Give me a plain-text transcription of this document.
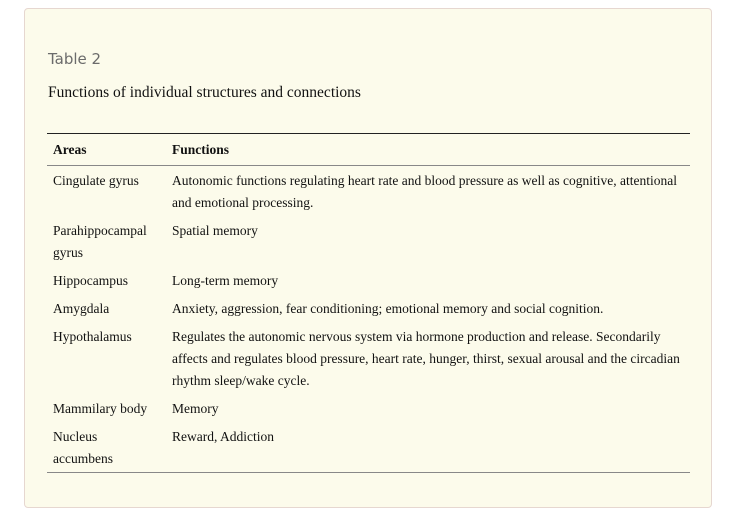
Table 2

Functions of individual structures and connections

Areas	Functions
Cingulate gyrus	Autonomic functions regulating heart rate and blood pressure as well as cognitive, attentional and emotional processing.
Parahippocampal gyrus	Spatial memory
Hippocampus	Long-term memory
Amygdala	Anxiety, aggression, fear conditioning; emotional memory and social cognition.
Hypothalamus	Regulates the autonomic nervous system via hormone production and release. Secondarily affects and regulates blood pressure, heart rate, hunger, thirst, sexual arousal and the circadian rhythm sleep/wake cycle.
Mammilary body	Memory
Nucleus accumbens	Reward, Addiction
